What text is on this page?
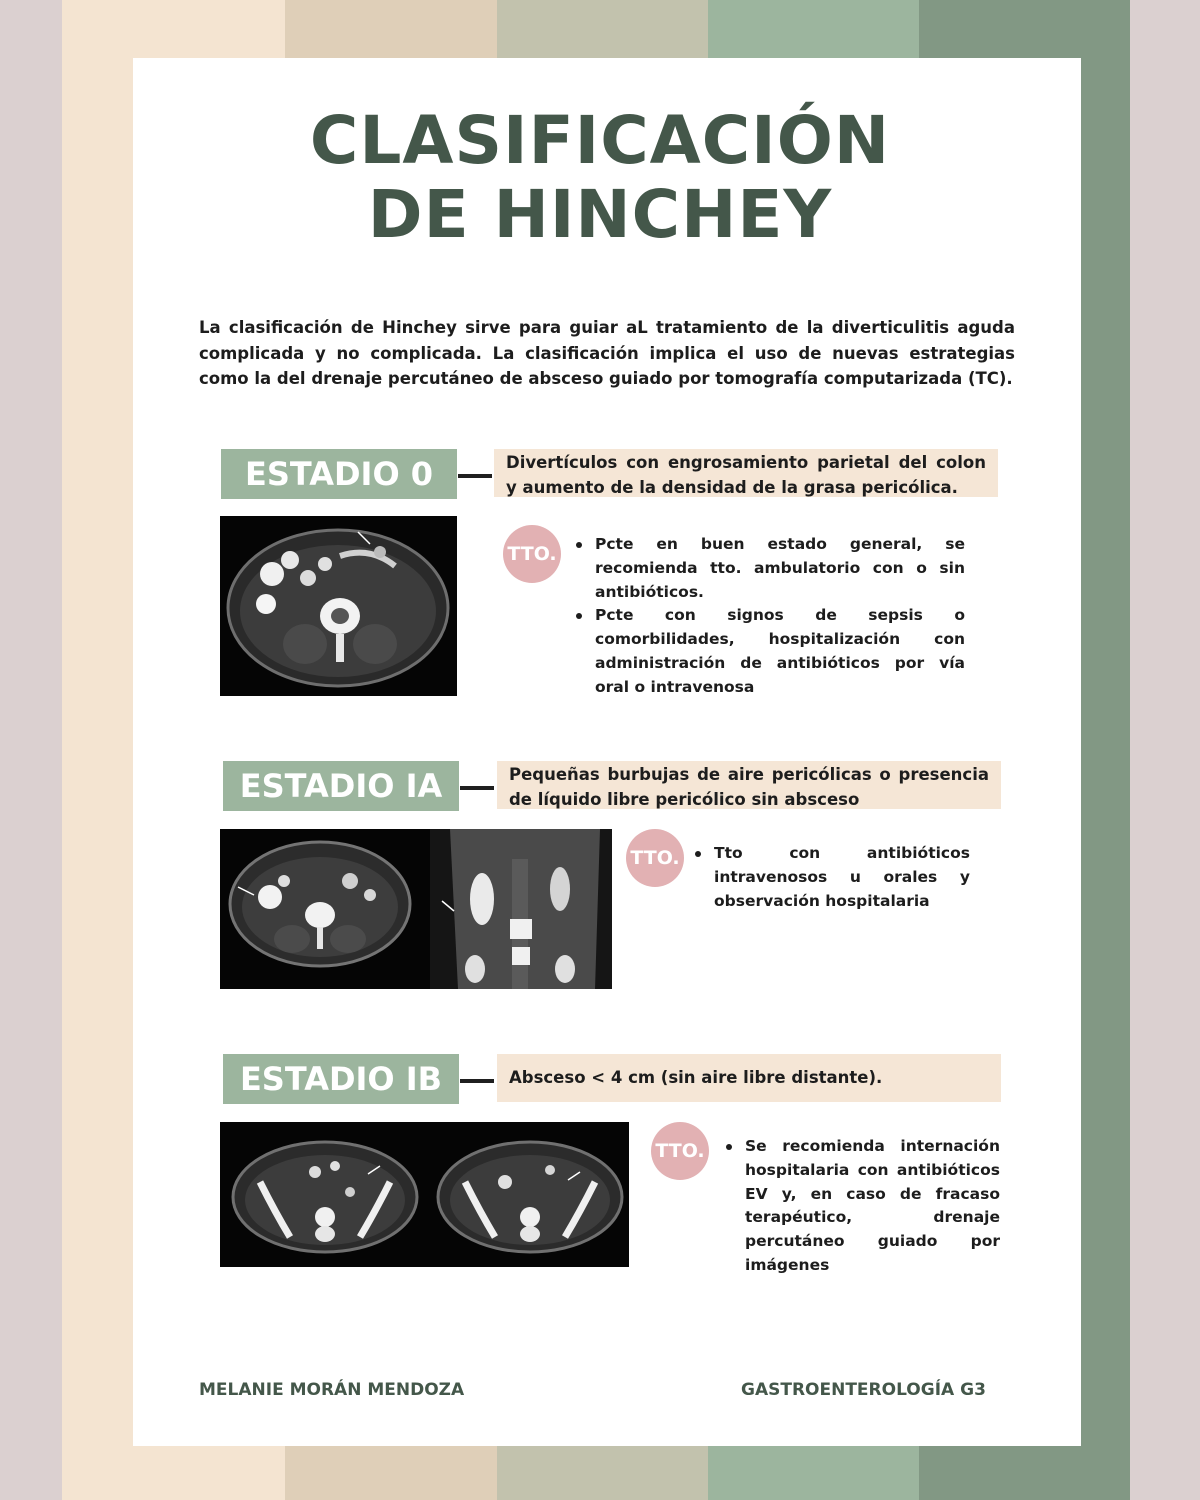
CLASIFICACIÓN
DE HINCHEY
La clasificación de Hinchey sirve para guiar aL tratamiento de la diverticulitis aguda complicada y no complicada. La clasificación implica el uso de nuevas estrategias como la del drenaje percutáneo de absceso guiado por tomografía computarizada (TC).
ESTADIO 0	Divertículos con engrosamiento parietal del colon y aumento de la densidad de la grasa pericólica.
TTO.	Pcte en buen estado general, se recomienda tto. ambulatorio con o sin antibióticos.
Pcte con signos de sepsis o comorbilidades, hospitalización con administración de antibióticos por vía oral o intravenosa
ESTADIO IA	Pequeñas burbujas de aire pericólicas o presencia de líquido libre pericólico sin absceso
TTO.	Tto con antibióticos intravenosos u orales y observación hospitalaria
ESTADIO IB	Absceso < 4 cm (sin aire libre distante).
TTO.	Se recomienda internación hospitalaria con antibióticos EV y, en caso de fracaso terapéutico, drenaje percutáneo guiado por imágenes
MELANIE MORÁN MENDOZA	GASTROENTEROLOGÍA G3
